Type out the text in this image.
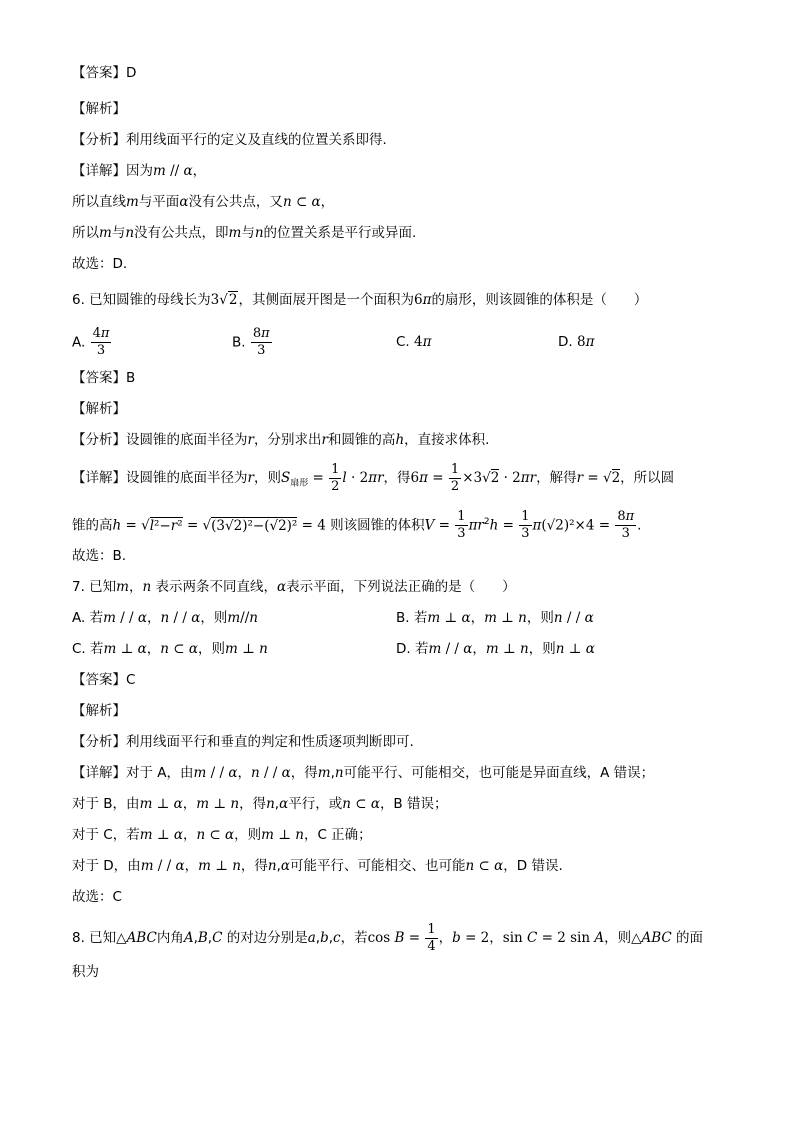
【答案】D
【解析】
【分析】利用线面平行的定义及直线的位置关系即得.
【详解】因为m // α，
所以直线m与平面α没有公共点，又n ⊂ α，
所以m与n没有公共点，即m与n的位置关系是平行或异面.
故选：D.
6. 已知圆锥的母线长为3√2，其侧面展开图是一个面积为6π的扇形，则该圆锥的体积是（　　）
A. $\frac{4\pi}{3}$	B. $\frac{8\pi}{3}$	C. 4π	D. 8π
【答案】B
【解析】
【分析】设圆锥的底面半径为r，分别求出r和圆锥的高h，直接求体积.
【详解】设圆锥的底面半径为r，则$S_{扇形} = \frac{1}{2}$ l · 2πr，得$6\pi = \frac{1}{2} \times 3√2 \cdot 2\pi r$，解得r = √2，所以圆
锥的高h = √l²−r² = √(3√2)²−(√2)² = 4 则该圆锥的体积$V = \frac{1}{3} \pi r^2h = \frac{1}{3} \pi(√2)^2\times 4 = \frac{8\pi}{3}$ .
故选：B.
7. 已知m，n 表示两条不同直线，α表示平面，下列说法正确的是（　　）
A. 若m / / α，n / / α，则m//n	B. 若m ⊥ α，m ⊥ n，则n / / α
C. 若m ⊥ α，n ⊂ α，则m ⊥ n	D. 若m / / α，m ⊥ n，则n ⊥ α
【答案】C
【解析】
【分析】利用线面平行和垂直的判定和性质逐项判断即可.
【详解】对于 A，由m / / α，n / / α，得m,n可能平行、可能相交，也可能是异面直线，A 错误；
对于 B，由m ⊥ α，m ⊥ n，得n,α平行，或n ⊂ α，B 错误；
对于 C，若m ⊥ α，n ⊂ α，则m ⊥ n，C 正确；
对于 D，由m / / α，m ⊥ n，得n,α可能平行、可能相交、也可能n ⊂ α，D 错误.
故选：C
8. 已知△ABC内角A,B,C 的对边分别是a,b,c，若$\cos B = \frac{1}{4}$ ，b = 2，sin C = 2 sin A，则△ABC 的面
积为
